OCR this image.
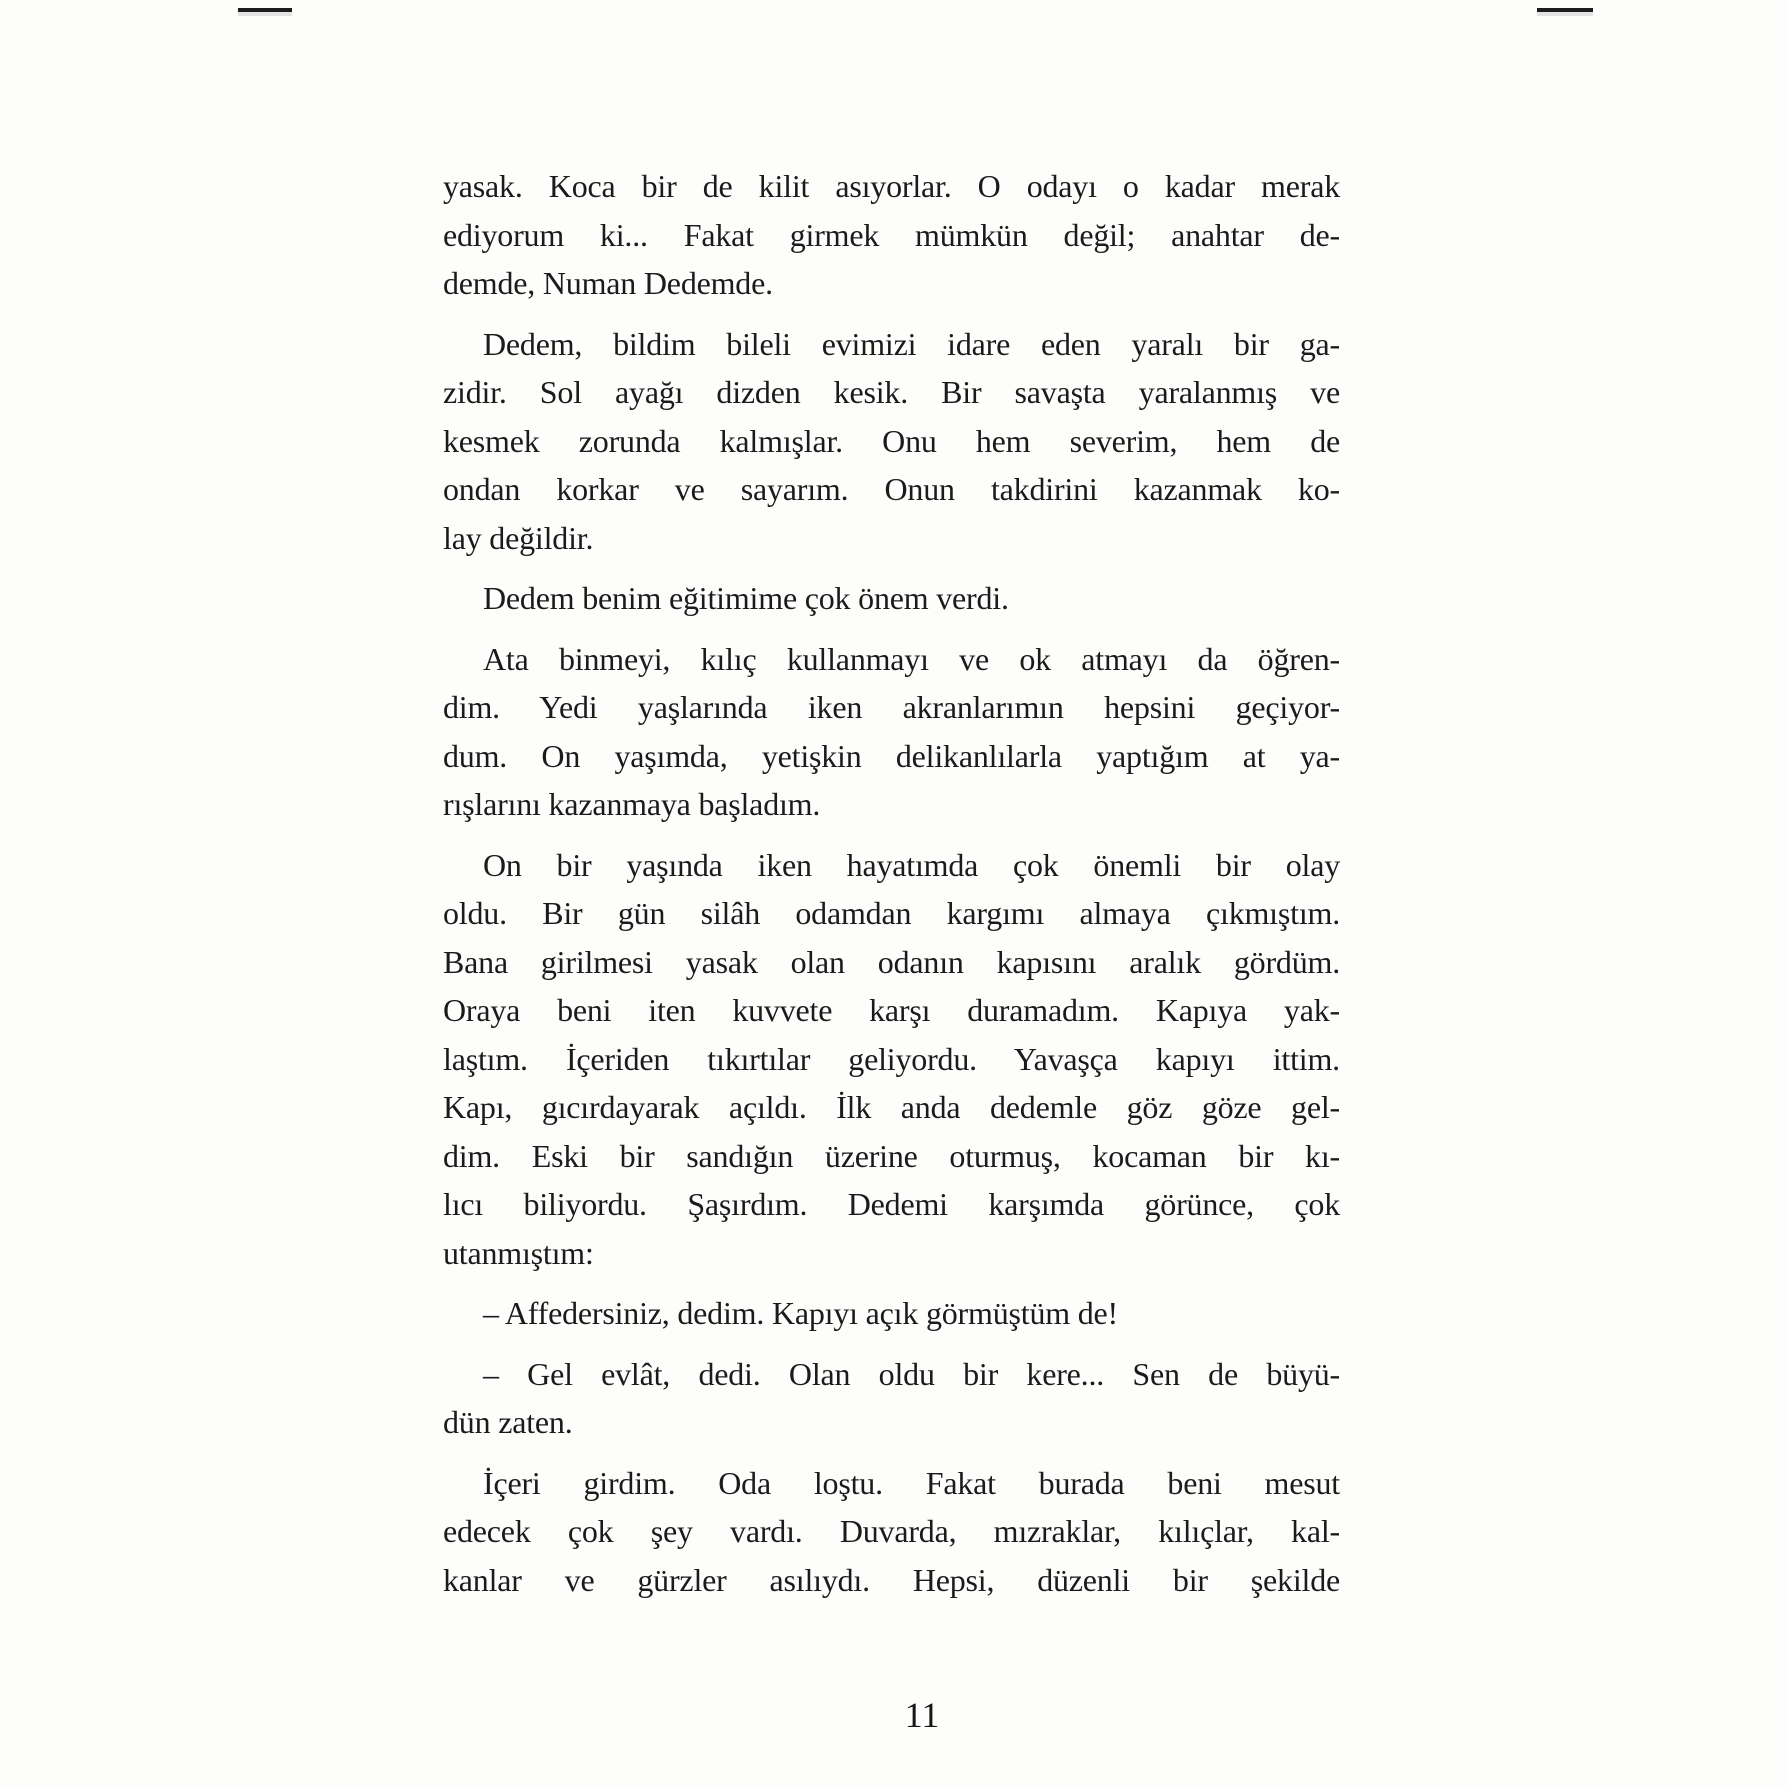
yasak. Koca bir de kilit asıyorlar. O odayı o kadar merak
ediyorum ki... Fakat girmek mümkün değil; anahtar de-
demde, Numan Dedemde.

Dedem, bildim bileli evimizi idare eden yaralı bir ga-
zidir. Sol ayağı dizden kesik. Bir savaşta yaralanmış ve
kesmek zorunda kalmışlar. Onu hem severim, hem de
ondan korkar ve sayarım. Onun takdirini kazanmak ko-
lay değildir.

Dedem benim eğitimime çok önem verdi.

Ata binmeyi, kılıç kullanmayı ve ok atmayı da öğren-
dim. Yedi yaşlarında iken akranlarımın hepsini geçiyor-
dum. On yaşımda, yetişkin delikanlılarla yaptığım at ya-
rışlarını kazanmaya başladım.

On bir yaşında iken hayatımda çok önemli bir olay
oldu. Bir gün silâh odamdan kargımı almaya çıkmıştım.
Bana girilmesi yasak olan odanın kapısını aralık gördüm.
Oraya beni iten kuvvete karşı duramadım. Kapıya yak-
laştım. İçeriden tıkırtılar geliyordu. Yavaşça kapıyı ittim.
Kapı, gıcırdayarak açıldı. İlk anda dedemle göz göze gel-
dim. Eski bir sandığın üzerine oturmuş, kocaman bir kı-
lıcı biliyordu. Şaşırdım. Dedemi karşımda görünce, çok
utanmıştım:

– Affedersiniz, dedim. Kapıyı açık görmüştüm de!

– Gel evlât, dedi. Olan oldu bir kere... Sen de büyü-
dün zaten.

İçeri girdim. Oda loştu. Fakat burada beni mesut
edecek çok şey vardı. Duvarda, mızraklar, kılıçlar, kal-
kanlar ve gürzler asılıydı. Hepsi, düzenli bir şekilde

11
